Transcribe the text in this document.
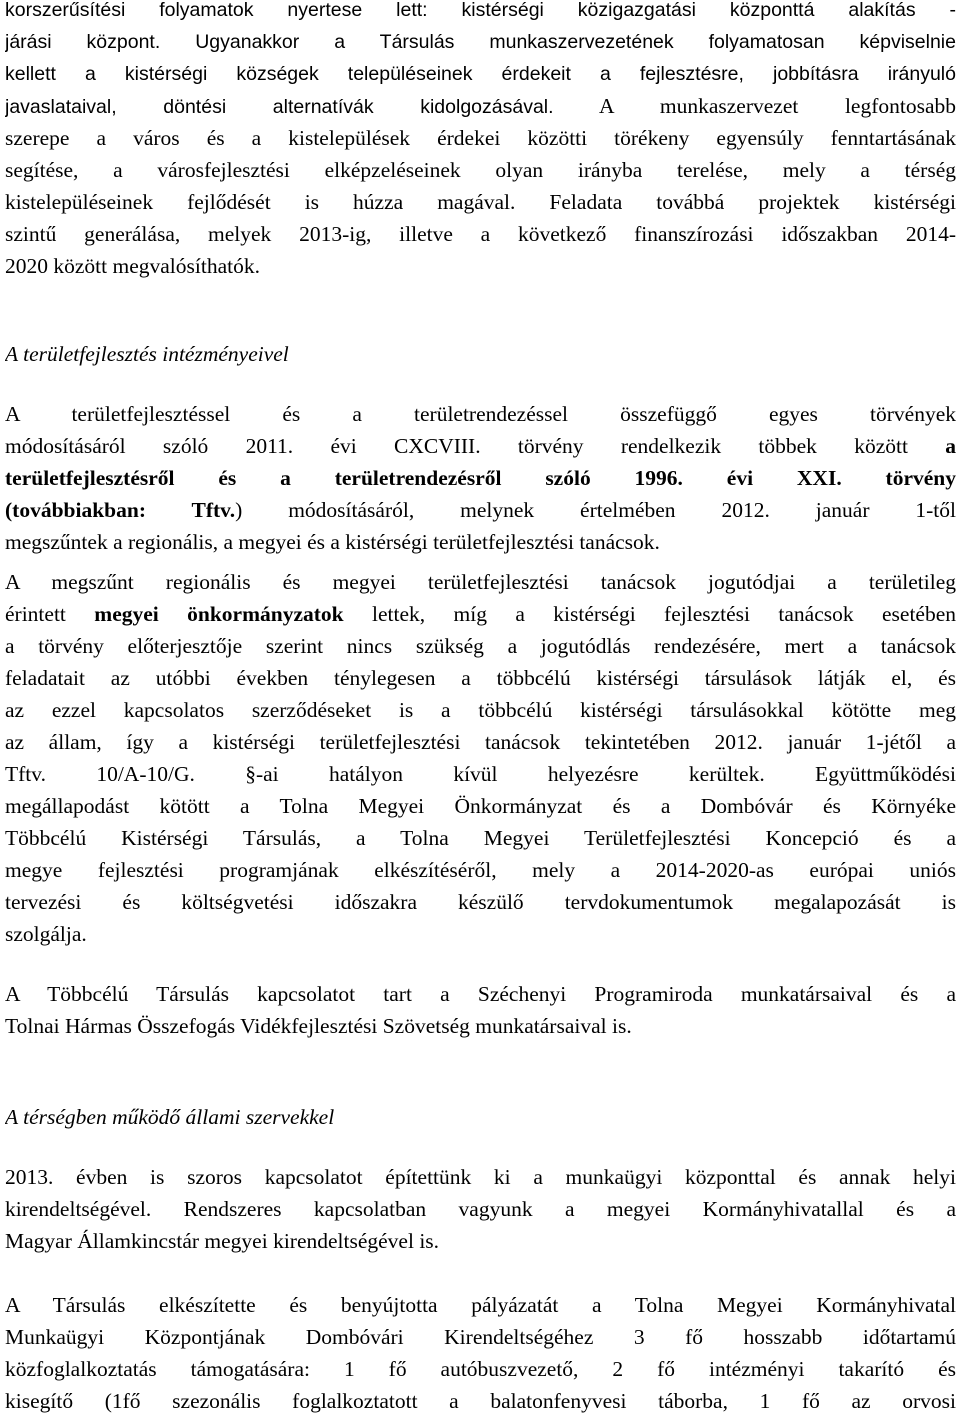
korszerűsítési folyamatok nyertese lett: kistérségi közigazgatási központtá alakítás -
járási központ. Ugyanakkor a Társulás munkaszervezetének folyamatosan képviselnie
kellett a kistérségi községek településeinek érdekeit a fejlesztésre, jobbításra irányuló
javaslataival, döntési alternatívák kidolgozásával. A munkaszervezet legfontosabb
szerepe a város és a kistelepülések érdekei közötti törékeny egyensúly fenntartásának
segítése, a városfejlesztési elképzeléseinek olyan irányba terelése, mely a térség
kistelepüléseinek fejlődését is húzza magával. Feladata továbbá projektek kistérségi
szintű generálása, melyek 2013-ig, illetve a következő finanszírozási időszakban 2014-
2020 között megvalósíthatók.
A területfejlesztés intézményeivel
A területfejlesztéssel és a területrendezéssel összefüggő egyes törvények
módosításáról szóló 2011. évi CXCVIII. törvény rendelkezik többek között a
területfejlesztésről és a területrendezésről szóló 1996. évi XXI. törvény
(továbbiakban: Tftv.) módosításáról, melynek értelmében 2012. január 1-től
megszűntek a regionális, a megyei és a kistérségi területfejlesztési tanácsok.
A megszűnt regionális és megyei területfejlesztési tanácsok jogutódjai a területileg
érintett megyei önkormányzatok lettek, míg a kistérségi fejlesztési tanácsok esetében
a törvény előterjesztője szerint nincs szükség a jogutódlás rendezésére, mert a tanácsok
feladatait az utóbbi években ténylegesen a többcélú kistérségi társulások látják el, és
az ezzel kapcsolatos szerződéseket is a többcélú kistérségi társulásokkal kötötte meg
az állam, így a kistérségi területfejlesztési tanácsok tekintetében 2012. január 1-jétől a
Tftv. 10/A-10/G. §-ai hatályon kívül helyezésre kerültek. Együttműködési
megállapodást kötött a Tolna Megyei Önkormányzat és a Dombóvár és Környéke
Többcélú Kistérségi Társulás, a Tolna Megyei Területfejlesztési Koncepció és a
megye fejlesztési programjának elkészítéséről, mely a 2014-2020-as európai uniós
tervezési és költségvetési időszakra készülő tervdokumentumok megalapozását is
szolgálja.
A Többcélú Társulás kapcsolatot tart a Széchenyi Programiroda munkatársaival és a
Tolnai Hármas Összefogás Vidékfejlesztési Szövetség munkatársaival is.
A térségben működő állami szervekkel
2013. évben is szoros kapcsolatot építettünk ki a munkaügyi központtal és annak helyi
kirendeltségével. Rendszeres kapcsolatban vagyunk a megyei Kormányhivatallal és a
Magyar Államkincstár megyei kirendeltségével is.
A Társulás elkészítette és benyújtotta pályázatát a Tolna Megyei Kormányhivatal
Munkaügyi Központjának Dombóvári Kirendeltségéhez 3 fő hosszabb időtartamú
közfoglalkoztatás támogatására: 1 fő autóbuszvezető, 2 fő intézményi takarító és
kisegítő (1fő szezonális foglalkoztatott a balatonfenyvesi táborba, 1 fő az orvosi
